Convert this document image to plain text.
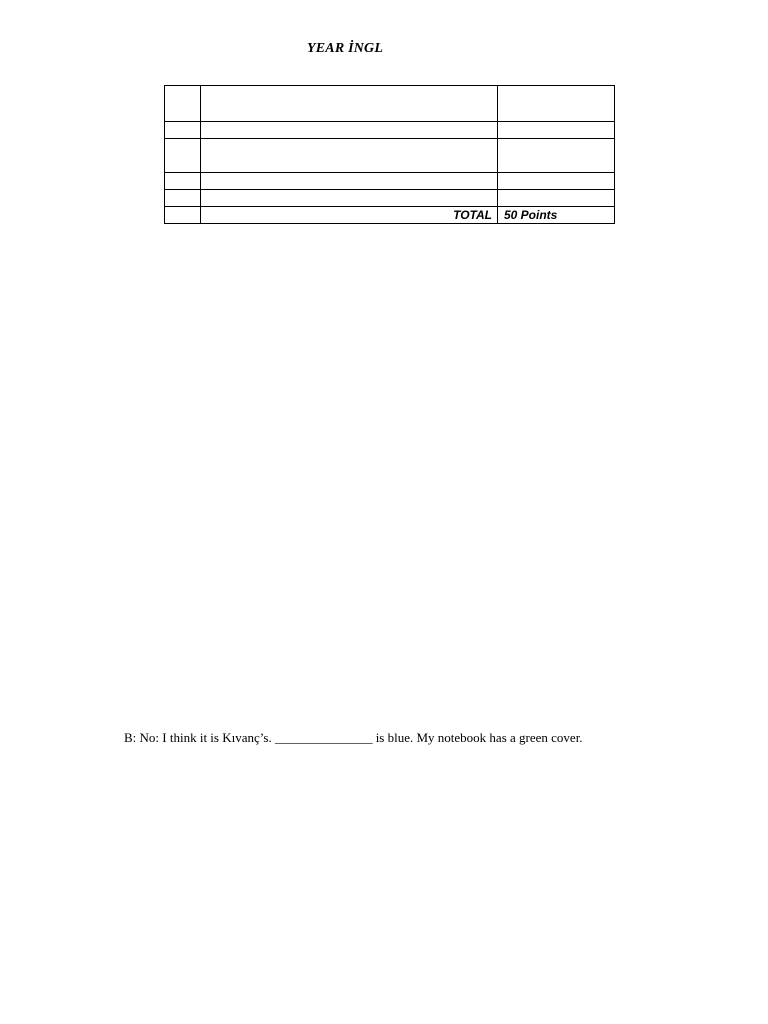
YEAR İNGL

	TOTAL	50 Points
B: No: I think it is Kıvanç’s. _______________ is blue. My notebook has a green cover.
